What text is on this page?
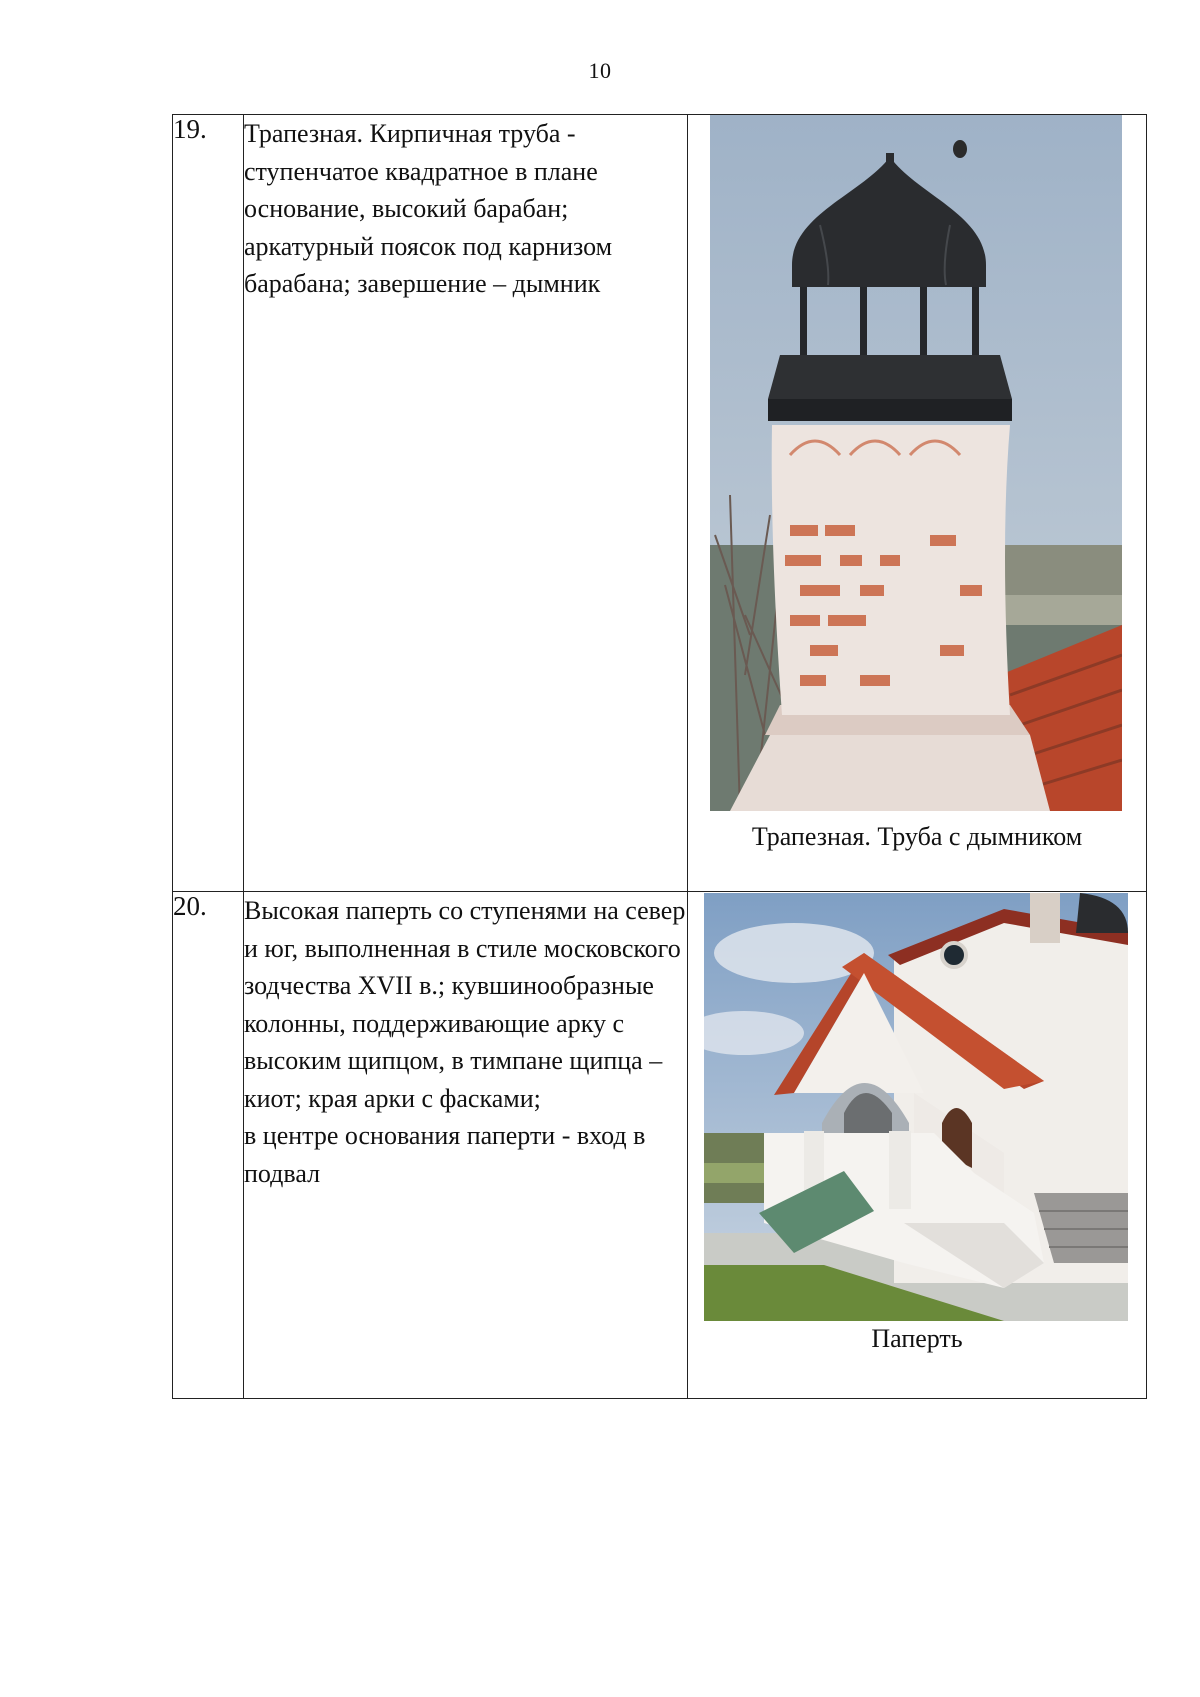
10
19.	Трапезная. Кирпичная труба - ступенчатое квадратное в плане основание, высокий барабан; аркатурный поясок под карнизом барабана; завершение – дымник	Трапезная. Труба с дымником

20.	Высокая паперть со ступенями на север и юг, выполненная в стиле московского зодчества XVII в.; кувшинообразные колонны, поддерживающие арку с высоким щипцом, в тимпане щипца – киот; края арки с фасками;

в центре основания паперти - вход в подвал	Паперть
